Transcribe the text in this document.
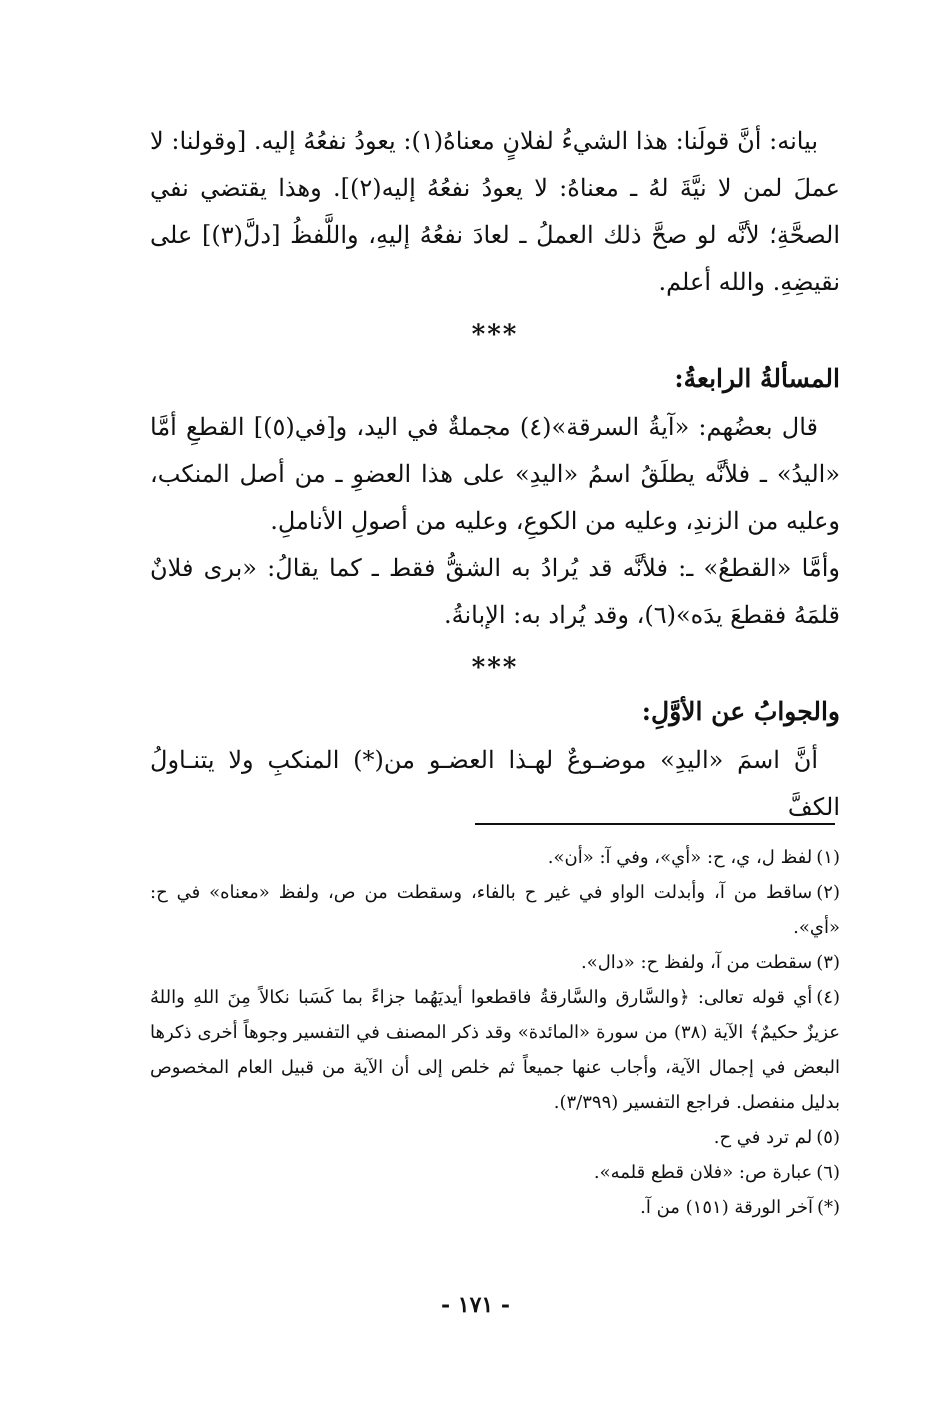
بيانه: أنَّ قولَنا: هذا الشيءُ لفلانٍ معناهُ(١): يعودُ نفعُهُ إليه. [وقولنا: لا عملَ لمن لا نيَّةَ لهُ ـ معناهُ: لا يعودُ نفعُهُ إليه(٢)]. وهذا يقتضي نفي الصحَّةِ؛ لأنَّه لو صحَّ ذلك العملُ ـ لعادَ نفعُهُ إليهِ، واللَّفظُ [دلَّ(٣)] على نقيضِهِ. والله أعلم.

***

المسألةُ الرابعةُ:

قال بعضُهم: «آيةُ السرقة»(٤) مجملةٌ في اليد، و[في(٥)] القطعِ أمَّا «اليدُ» ـ فلأنَّه يطلَقُ اسمُ «اليدِ» على هذا العضوِ ـ من أصل المنكب، وعليه من الزندِ، وعليه من الكوعِ، وعليه من أصولِ الأناملِ.

وأمَّا «القطعُ» ـ: فلأنَّه قد يُرادُ به الشقُّ فقط ـ كما يقالُ: «برى فلانٌ قلمَهُ فقطعَ يدَه»(٦)، وقد يُراد به: الإبانةُ.

***

والجوابُ عن الأوَّلِ:

أنَّ اسمَ «اليدِ» موضـوعٌ لهـذا العضـو من(*) المنكبِ ولا يتنـاولُ الكفَّ

(١)لفظ ل، ي، ح: «أي»، وفي آ: «أن».

(٢)ساقط من آ، وأبدلت الواو في غير ح بالفاء، وسقطت من ص، ولفظ «معناه» في ح: «أي».

(٣)سقطت من آ، ولفظ ح: «دال».

(٤)أي قوله تعالى: ﴿والسَّارق والسَّارقةُ فاقطعوا أيديَهُما جزاءً بما كَسَبا نكالاً مِنَ اللهِ واللهُ عزيزٌ حكيمٌ﴾ الآية (٣٨) من سورة «المائدة» وقد ذكر المصنف في التفسير وجوهاً أخرى ذكرها البعض في إجمال الآية، وأجاب عنها جميعاً ثم خلص إلى أن الآية من قبيل العام المخصوص بدليل منفصل. فراجع التفسير (٣/٣٩٩).

(٥)لم ترد في ح.

(٦)عبارة ص: «فلان قطع قلمه».

(*)آخر الورقة (١٥١) من آ.

- ١٧١ -
